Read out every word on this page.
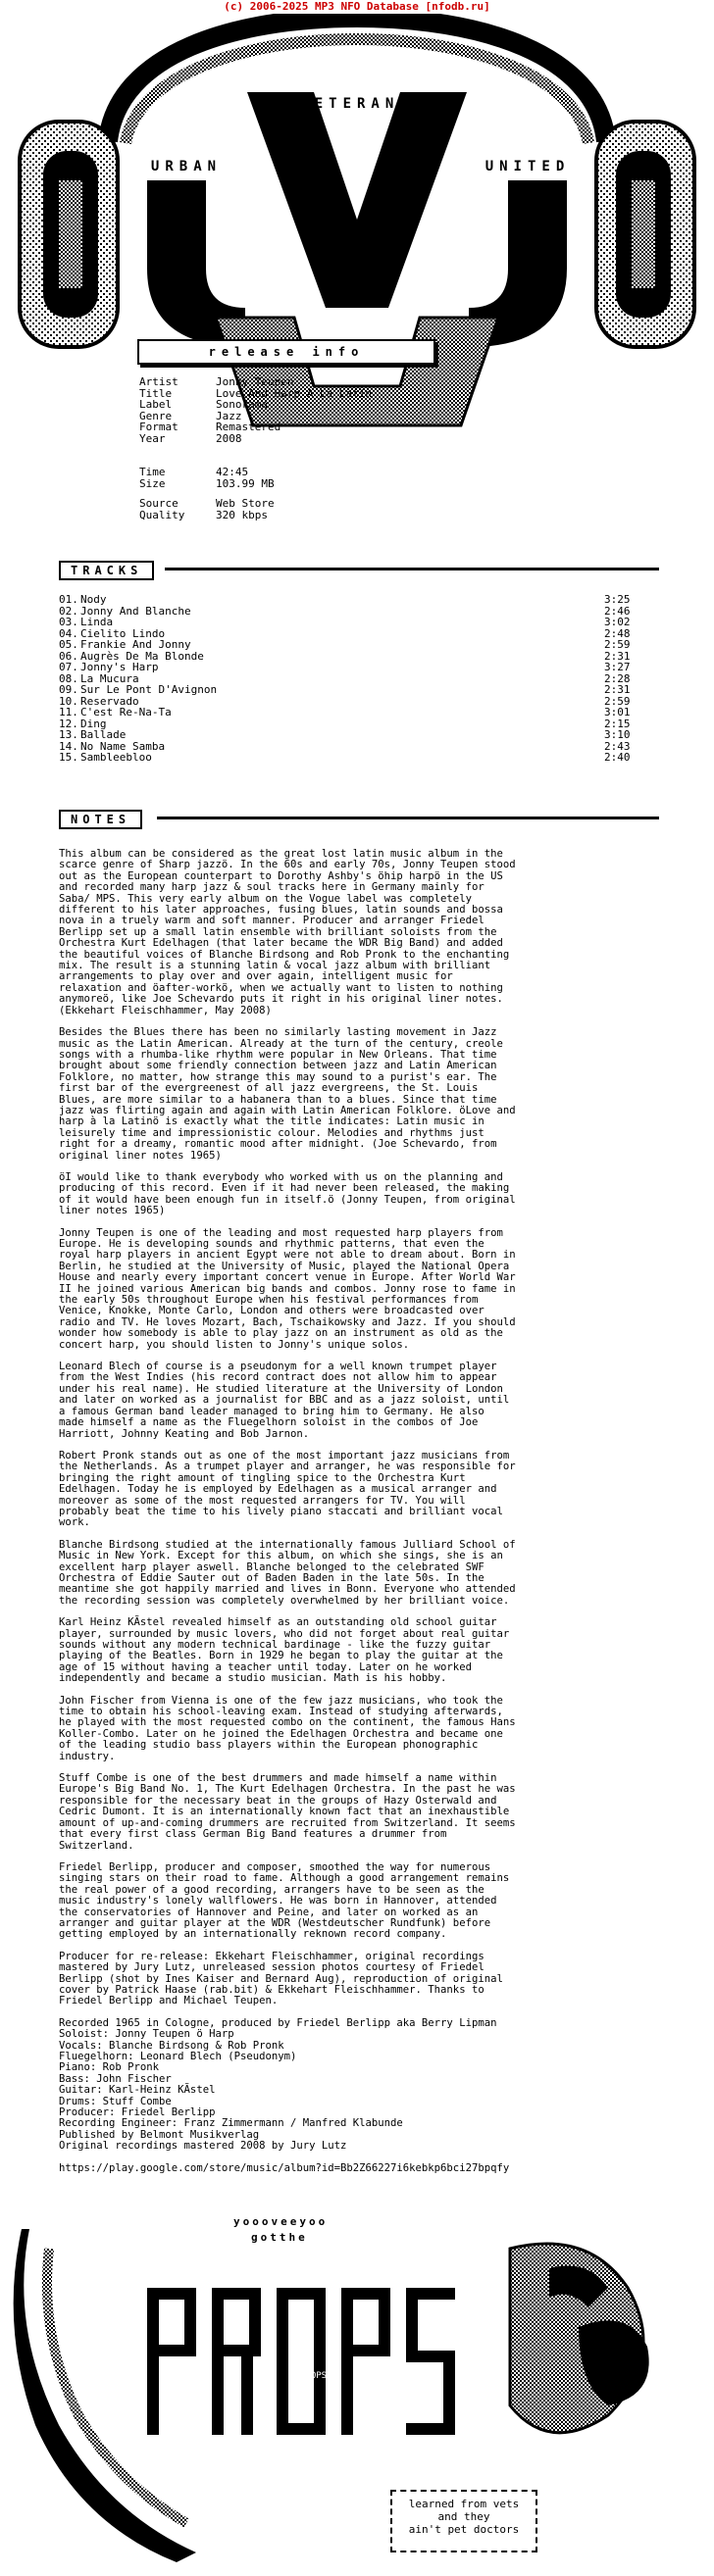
(c) 2006-2025 MP3 NFO Database [nfodb.ru]
VETERANS
URBAN	UNITED
release info
Artist	Jonny Teupen
Title	Love And Harp A La Latin
Label	Sonorama
Genre	Jazz
Format	Remastered
Year	2008
Time	42:45
Size	103.99 MB
Source	Web Store
Quality	320 kbps
TRACKS
01. Nody	3:25
02. Jonny And Blanche	2:46
03. Linda	3:02
04. Cielito Lindo	2:48
05. Frankie And Jonny	2:59
06. Augrès De Ma Blonde	2:31
07. Jonny's Harp	3:27
08. La Mucura	2:28
09. Sur Le Pont D'Avignon	2:31
10. Reservado	2:59
11. C'est Re-Na-Ta	3:01
12. Ding	2:15
13. Ballade	3:10
14. No Name Samba	2:43
15. Sambleebloo	2:40
NOTES

This album can be considered as the great lost latin music album in the
scarce genre of Sharp jazzö. In the 60s and early 70s, Jonny Teupen stood
out as the European counterpart to Dorothy Ashby's öhip harpö in the US
and recorded many harp jazz & soul tracks here in Germany mainly for
Saba/ MPS. This very early album on the Vogue label was completely
different to his later approaches, fusing blues, latin sounds and bossa
nova in a truely warm and soft manner. Producer and arranger Friedel
Berlipp set up a small latin ensemble with brilliant soloists from the
Orchestra Kurt Edelhagen (that later became the WDR Big Band) and added
the beautiful voices of Blanche Birdsong and Rob Pronk to the enchanting
mix. The result is a stunning latin & vocal jazz album with brilliant
arrangements to play over and over again, intelligent music for
relaxation and öafter-workö, when we actually want to listen to nothing
anymoreö, like Joe Schevardo puts it right in his original liner notes.
(Ekkehart Fleischhammer, May 2008)

Besides the Blues there has been no similarly lasting movement in Jazz
music as the Latin American. Already at the turn of the century, creole
songs with a rhumba-like rhythm were popular in New Orleans. That time
brought about some friendly connection between jazz and Latin American
Folklore, no matter, how strange this may sound to a purist's ear. The
first bar of the evergreenest of all jazz evergreens, the St. Louis
Blues, are more similar to a habanera than to a blues. Since that time
jazz was flirting again and again with Latin American Folklore. öLove and
harp à la Latinö is exactly what the title indicates: Latin music in
leisurely time and impressionistic colour. Melodies and rhythms just
right for a dreamy, romantic mood after midnight. (Joe Schevardo, from
original liner notes 1965)

öI would like to thank everybody who worked with us on the planning and
producing of this record. Even if it had never been released, the making
of it would have been enough fun in itself.ö (Jonny Teupen, from original
liner notes 1965)

Jonny Teupen is one of the leading and most requested harp players from
Europe. He is developing sounds and rhythmic patterns, that even the
royal harp players in ancient Egypt were not able to dream about. Born in
Berlin, he studied at the University of Music, played the National Opera
House and nearly every important concert venue in Europe. After World War
II he joined various American big bands and combos. Jonny rose to fame in
the early 50s throughout Europe when his festival performances from
Venice, Knokke, Monte Carlo, London and others were broadcasted over
radio and TV. He loves Mozart, Bach, Tschaikowsky and Jazz. If you should
wonder how somebody is able to play jazz on an instrument as old as the
concert harp, you should listen to Jonny's unique solos.

Leonard Blech of course is a pseudonym for a well known trumpet player
from the West Indies (his record contract does not allow him to appear
under his real name). He studied literature at the University of London
and later on worked as a journalist for BBC and as a jazz soloist, until
a famous German band leader managed to bring him to Germany. He also
made himself a name as the Fluegelhorn soloist in the combos of Joe
Harriott, Johnny Keating and Bob Jarnon.

Robert Pronk stands out as one of the most important jazz musicians from
the Netherlands. As a trumpet player and arranger, he was responsible for
bringing the right amount of tingling spice to the Orchestra Kurt
Edelhagen. Today he is employed by Edelhagen as a musical arranger and
moreover as some of the most requested arrangers for TV. You will
probably beat the time to his lively piano staccati and brilliant vocal
work.

Blanche Birdsong studied at the internationally famous Julliard School of
Music in New York. Except for this album, on which she sings, she is an
excellent harp player aswell. Blanche belonged to the celebrated SWF
Orchestra of Eddie Sauter out of Baden Baden in the late 50s. In the
meantime she got happily married and lives in Bonn. Everyone who attended
the recording session was completely overwhelmed by her brilliant voice.

Karl Heinz KÃstel revealed himself as an outstanding old school guitar
player, surrounded by music lovers, who did not forget about real guitar
sounds without any modern technical bardinage - like the fuzzy guitar
playing of the Beatles. Born in 1929 he began to play the guitar at the
age of 15 without having a teacher until today. Later on he worked
independently and became a studio musician. Math is his hobby.

John Fischer from Vienna is one of the few jazz musicians, who took the
time to obtain his school-leaving exam. Instead of studying afterwards,
he played with the most requested combo on the continent, the famous Hans
Koller-Combo. Later on he joined the Edelhagen Orchestra and became one
of the leading studio bass players within the European phonographic
industry.

Stuff Combe is one of the best drummers and made himself a name within
Europe's Big Band No. 1, The Kurt Edelhagen Orchestra. In the past he was
responsible for the necessary beat in the groups of Hazy Osterwald and
Cedric Dumont. It is an internationally known fact that an inexhaustible
amount of up-and-coming drummers are recruited from Switzerland. It seems
that every first class German Big Band features a drummer from
Switzerland.

Friedel Berlipp, producer and composer, smoothed the way for numerous
singing stars on their road to fame. Although a good arrangement remains
the real power of a good recording, arrangers have to be seen as the
music industry's lonely wallflowers. He was born in Hannover, attended
the conservatories of Hannover and Peine, and later on worked as an
arranger and guitar player at the WDR (Westdeutscher Rundfunk) before
getting employed by an internationally reknown record company.

Producer for re-release: Ekkehart Fleischhammer, original recordings
mastered by Jury Lutz, unreleased session photos courtesy of Friedel
Berlipp (shot by Ines Kaiser and Bernard Aug), reproduction of original
cover by Patrick Haase (rab.bit) & Ekkehart Fleischhammer. Thanks to
Friedel Berlipp and Michael Teupen.

Recorded 1965 in Cologne, produced by Friedel Berlipp aka Berry Lipman
Soloist: Jonny Teupen ö Harp
Vocals: Blanche Birdsong & Rob Pronk
Fluegelhorn: Leonard Blech (Pseudonym)
Piano: Rob Pronk
Bass: John Fischer
Guitar: Karl-Heinz KÃstel
Drums: Stuff Combe
Producer: Friedel Berlipp
Recording Engineer: Franz Zimmermann / Manfred Klabunde
Published by Belmont Musikverlag
Original recordings mastered 2008 by Jury Lutz

https://play.google.com/store/music/album?id=Bb2Z66227i6kebkp6bci27bpqfy

yoooveeyoo
gotthe
PROPS
learned from vets
and they
ain't pet doctors
